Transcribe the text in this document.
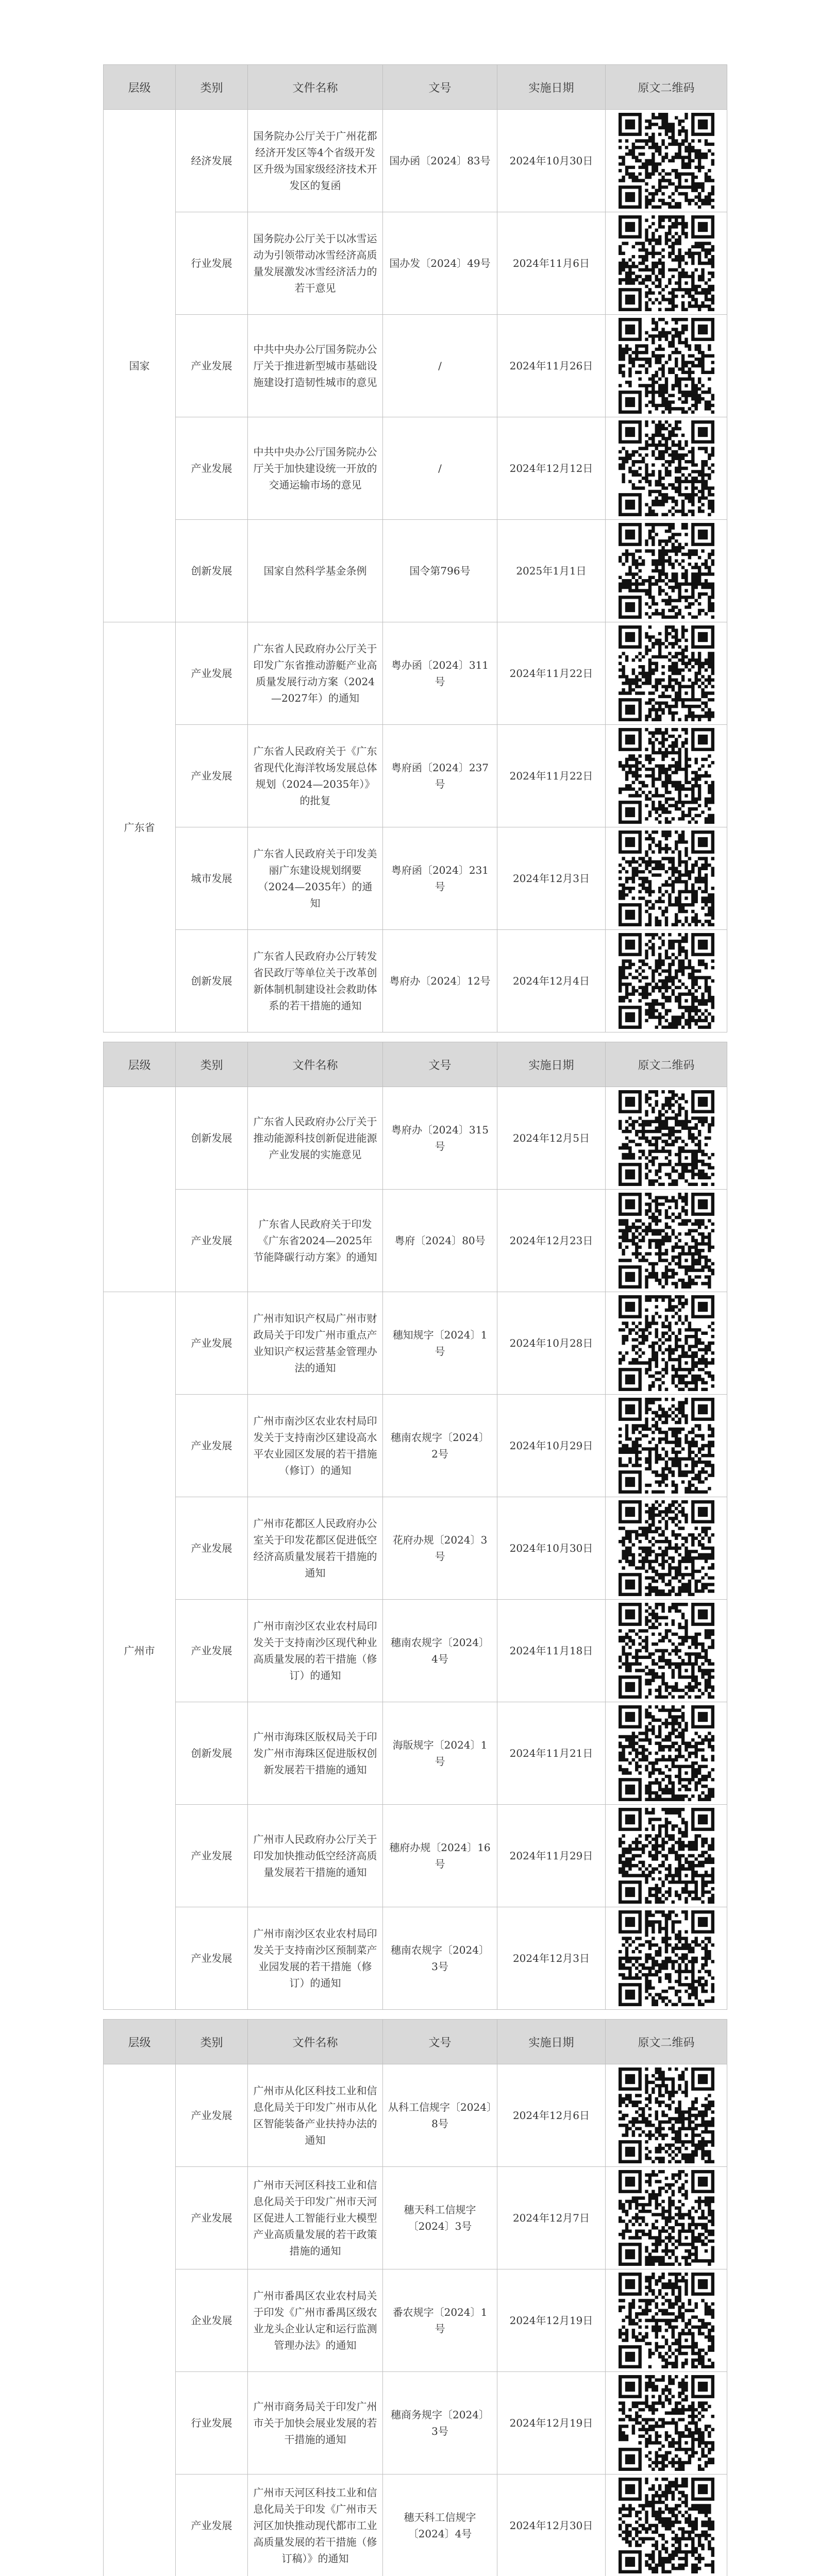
层级	类别	文件名称	文号	实施日期	原文二维码
国家	经济发展	国务院办公厅关于广州花都经济开发区等4个省级开发区升级为国家级经济技术开发区的复函	国办函〔2024〕83号	2024年10月30日	

	行业发展	国务院办公厅关于以冰雪运动为引领带动冰雪经济高质量发展激发冰雪经济活力的若干意见	国办发〔2024〕49号	2024年11月6日	

	产业发展	中共中央办公厅国务院办公厅关于推进新型城市基础设施建设打造韧性城市的意见	/	2024年11月26日	

	产业发展	中共中央办公厅国务院办公厅关于加快建设统一开放的交通运输市场的意见	/	2024年12月12日	

	创新发展	国家自然科学基金条例	国令第796号	2025年1月1日	

广东省	产业发展	广东省人民政府办公厅关于印发广东省推动游艇产业高质量发展行动方案（2024—2027年）的通知	粤办函〔2024〕311号	2024年11月22日	

	产业发展	广东省人民政府关于《广东省现代化海洋牧场发展总体规划（2024—2035年）》的批复	粤府函〔2024〕237号	2024年11月22日	

	城市发展	广东省人民政府关于印发美丽广东建设规划纲要（2024—2035年）的通知	粤府函〔2024〕231号	2024年12月3日	

	创新发展	广东省人民政府办公厅转发省民政厅等单位关于改革创新体制机制建设社会救助体系的若干措施的通知	粤府办〔2024〕12号	2024年12月4日	

层级	类别	文件名称	文号	实施日期	原文二维码
	创新发展	广东省人民政府办公厅关于推动能源科技创新促进能源产业发展的实施意见	粤府办〔2024〕315号	2024年12月5日	

	产业发展	广东省人民政府关于印发《广东省2024—2025年节能降碳行动方案》的通知	粤府〔2024〕80号	2024年12月23日	

广州市	产业发展	广州市知识产权局广州市财政局关于印发广州市重点产业知识产权运营基金管理办法的通知	穗知规字〔2024〕1号	2024年10月28日	

	产业发展	广州市南沙区农业农村局印发关于支持南沙区建设高水平农业园区发展的若干措施（修订）的通知	穗南农规字〔2024〕2号	2024年10月29日	

	产业发展	广州市花都区人民政府办公室关于印发花都区促进低空经济高质量发展若干措施的通知	花府办规〔2024〕3号	2024年10月30日	

	产业发展	广州市南沙区农业农村局印发关于支持南沙区现代种业高质量发展的若干措施（修订）的通知	穗南农规字〔2024〕4号	2024年11月18日	

	创新发展	广州市海珠区版权局关于印发广州市海珠区促进版权创新发展若干措施的通知	海版规字〔2024〕1号	2024年11月21日	

	产业发展	广州市人民政府办公厅关于印发加快推动低空经济高质量发展若干措施的通知	穗府办规〔2024〕16号	2024年11月29日	

	产业发展	广州市南沙区农业农村局印发关于支持南沙区预制菜产业园发展的若干措施（修订）的通知	穗南农规字〔2024〕3号	2024年12月3日	

层级	类别	文件名称	文号	实施日期	原文二维码
	产业发展	广州市从化区科技工业和信息化局关于印发广州市从化区智能装备产业扶持办法的通知	从科工信规字〔2024〕8号	2024年12月6日	

	产业发展	广州市天河区科技工业和信息化局关于印发广州市天河区促进人工智能行业大模型产业高质量发展的若干政策措施的通知	穗天科工信规字〔2024〕3号	2024年12月7日	

	企业发展	广州市番禺区农业农村局关于印发《广州市番禺区级农业龙头企业认定和运行监测管理办法》的通知	番农规字〔2024〕1号	2024年12月19日	

	行业发展	广州市商务局关于印发广州市关于加快会展业发展的若干措施的通知	穗商务规字〔2024〕3号	2024年12月19日	

	产业发展	广州市天河区科技工业和信息化局关于印发《广州市天河区加快推动现代都市工业高质量发展的若干措施（修订稿）》的通知	穗天科工信规字〔2024〕4号	2024年12月30日	
